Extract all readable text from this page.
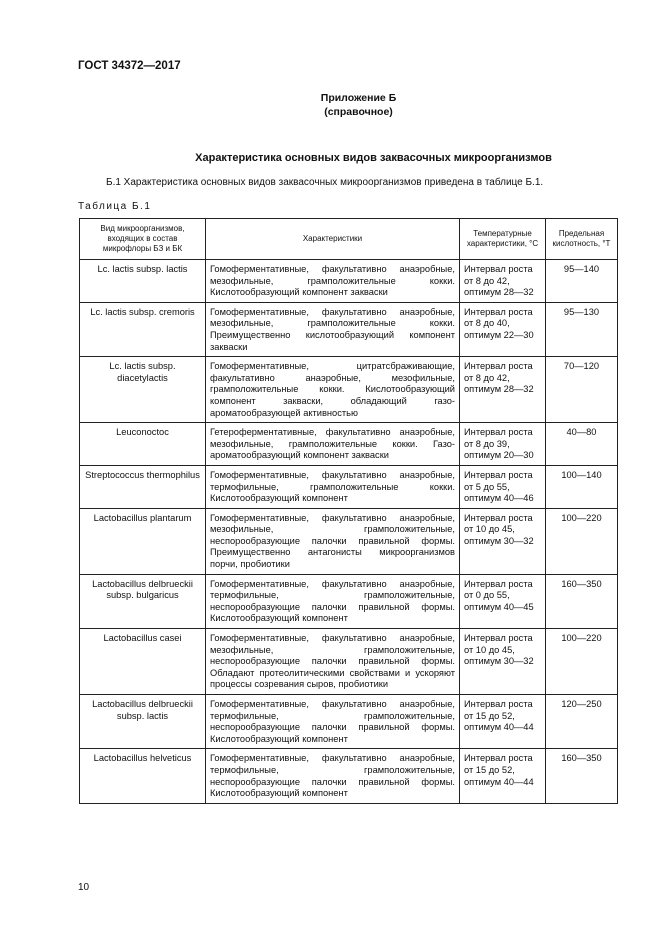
ГОСТ 34372—2017
Приложение Б
(справочное)
Характеристика основных видов заквасочных микроорганизмов
Б.1 Характеристика основных видов заквасочных микроорганизмов приведена в таблице Б.1.
Таблица Б.1
Вид микроорганизмов, входящих в состав микрофлоры БЗ и БК	Характеристики	Температурные характеристики, °С	Предельная кислотность, °Т
Lc. lactis subsp. lactis	Гомоферментативные, факультативно анаэробные, мезофильные, грамположительные кокки. Кислотообразующий компонент закваски	Интервал роста от 8 до 42, оптимум 28—32	95—140
Lc. lactis subsp. cremoris	Гомоферментативные, факультативно анаэробные, мезофильные, грамположительные кокки. Преимущественно кислотообразующий компонент закваски	Интервал роста от 8 до 40, оптимум 22—30	95—130
Lc. lactis subsp. diacetylactis	Гомоферментативные, цитратсбраживающие, факультативно анаэробные, мезофильные, грамположительные кокки. Кислотообразующий компонент закваски, обладающий газо-ароматообразующей активностью	Интервал роста от 8 до 42, оптимум 28—32	70—120
Leuconoctoc	Гетероферментативные, факультативно анаэробные, мезофильные, грамположительные кокки. Газо-ароматообразующий компонент закваски	Интервал роста от 8 до 39, оптимум 20—30	40—80
Streptococcus thermophilus	Гомоферментативные, факультативно анаэробные, термофильные, грамположительные кокки. Кислотообразующий компонент	Интервал роста от 5 до 55, оптимум 40—46	100—140
Lactobacillus plantarum	Гомоферментативные, факультативно анаэробные, мезофильные, грамположительные, неспорообразующие палочки правильной формы. Преимущественно антагонисты микроорганизмов порчи, пробиотики	Интервал роста от 10 до 45, оптимум 30—32	100—220
Lactobacillus delbrueckii subsp. bulgaricus	Гомоферментативные, факультативно анаэробные, термофильные, грамположительные, неспорообразующие палочки правильной формы. Кислотообразующий компонент	Интервал роста от 0 до 55, оптимум 40—45	160—350
Lactobacillus casei	Гомоферментативные, факультативно анаэробные, мезофильные, грамположительные, неспорообразующие палочки правильной формы. Обладают протеолитическими свойствами и ускоряют процессы созревания сыров, пробиотики	Интервал роста от 10 до 45, оптимум 30—32	100—220
Lactobacillus delbrueckii subsp. lactis	Гомоферментативные, факультативно анаэробные, термофильные, грамположительные, неспорообразующие палочки правильной формы. Кислотообразующий компонент	Интервал роста от 15 до 52, оптимум 40—44	120—250
Lactobacillus helveticus	Гомоферментативные, факультативно анаэробные, термофильные, грамположительные, неспорообразующие палочки правильной формы. Кислотообразующий компонент	Интервал роста от 15 до 52, оптимум 40—44	160—350
10
